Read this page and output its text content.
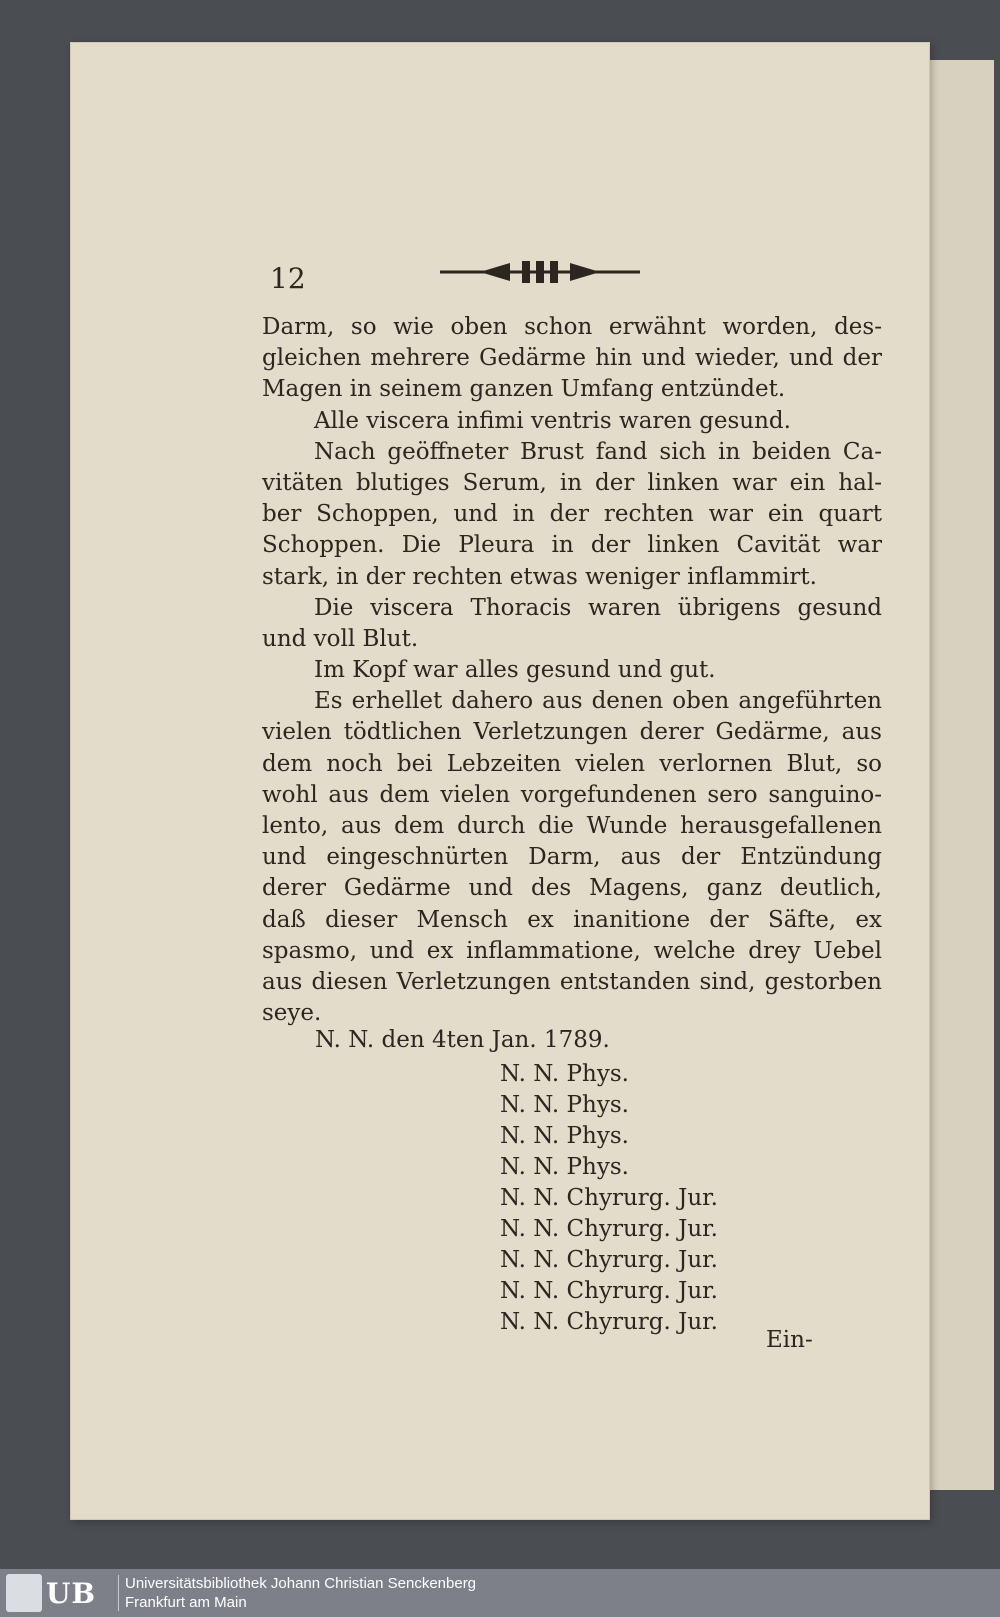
12
Darm, so wie oben schon erwähnt worden, des-
gleichen mehrere Gedärme hin und wieder, und der
Magen in seinem ganzen Umfang entzündet.
Alle viscera infimi ventris waren gesund.
Nach geöffneter Brust fand sich in beiden Ca-
vitäten blutiges Serum, in der linken war ein hal-
ber Schoppen, und in der rechten war ein quart
Schoppen. Die Pleura in der linken Cavität war
stark, in der rechten etwas weniger inflammirt.
Die viscera Thoracis waren übrigens gesund
und voll Blut.
Im Kopf war alles gesund und gut.
Es erhellet dahero aus denen oben angeführten
vielen tödtlichen Verletzungen derer Gedärme, aus
dem noch bei Lebzeiten vielen verlornen Blut, so
wohl aus dem vielen vorgefundenen sero sanguino-
lento, aus dem durch die Wunde herausgefallenen
und eingeschnürten Darm, aus der Entzündung
derer Gedärme und des Magens, ganz deutlich,
daß dieser Mensch ex inanitione der Säfte, ex
spasmo, und ex inflammatione, welche drey Uebel
aus diesen Verletzungen entstanden sind, gestorben seye.
N. N. den 4ten Jan. 1789.
N. N. Phys.
N. N. Phys.
N. N. Phys.
N. N. Phys.
N. N. Chyrurg. Jur.
N. N. Chyrurg. Jur.
N. N. Chyrurg. Jur.
N. N. Chyrurg. Jur.
N. N. Chyrurg. Jur.
Ein-
UB Universitätsbibliothek Johann Christian Senckenberg
Frankfurt am Main
